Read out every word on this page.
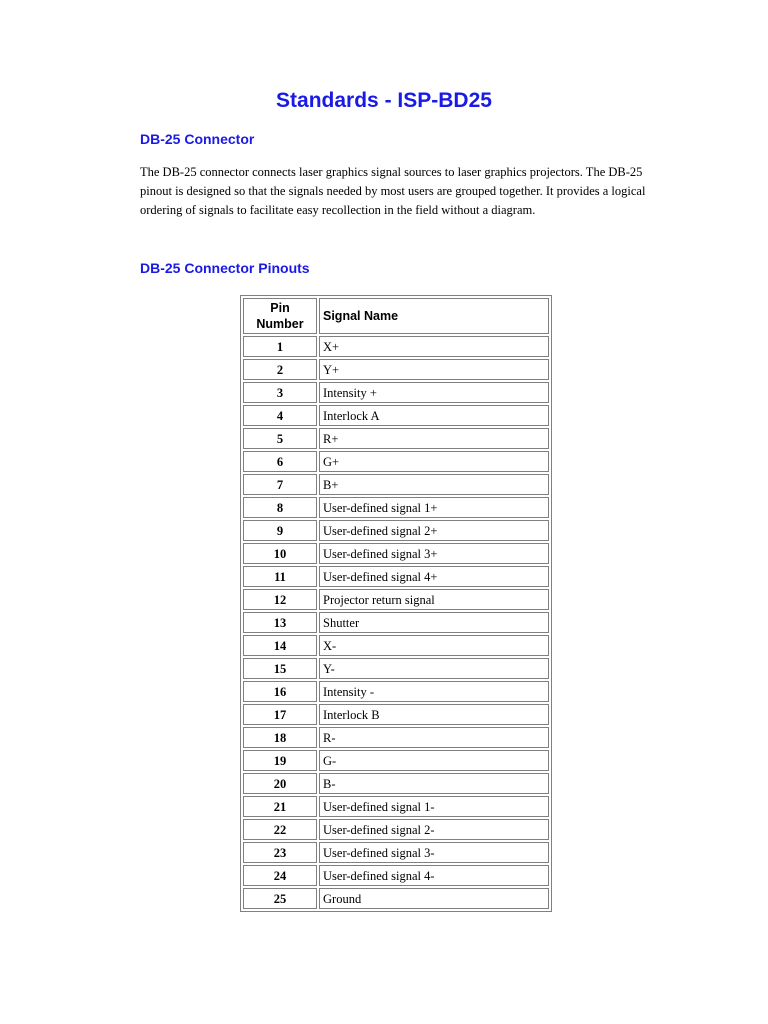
Standards - ISP-BD25
DB-25 Connector

The DB-25 connector connects laser graphics signal sources to laser graphics projectors. The DB-25 pinout is designed so that the signals needed by most users are grouped together. It provides a logical ordering of signals to facilitate easy recollection in the field without a diagram.

DB-25 Connector Pinouts
Pin Number	Signal Name
1	X+
2	Y+
3	Intensity +
4	Interlock A
5	R+
6	G+
7	B+
8	User-defined signal 1+
9	User-defined signal 2+
10	User-defined signal 3+
11	User-defined signal 4+
12	Projector return signal
13	Shutter
14	X-
15	Y-
16	Intensity -
17	Interlock B
18	R-
19	G-
20	B-
21	User-defined signal 1-
22	User-defined signal 2-
23	User-defined signal 3-
24	User-defined signal 4-
25	Ground
